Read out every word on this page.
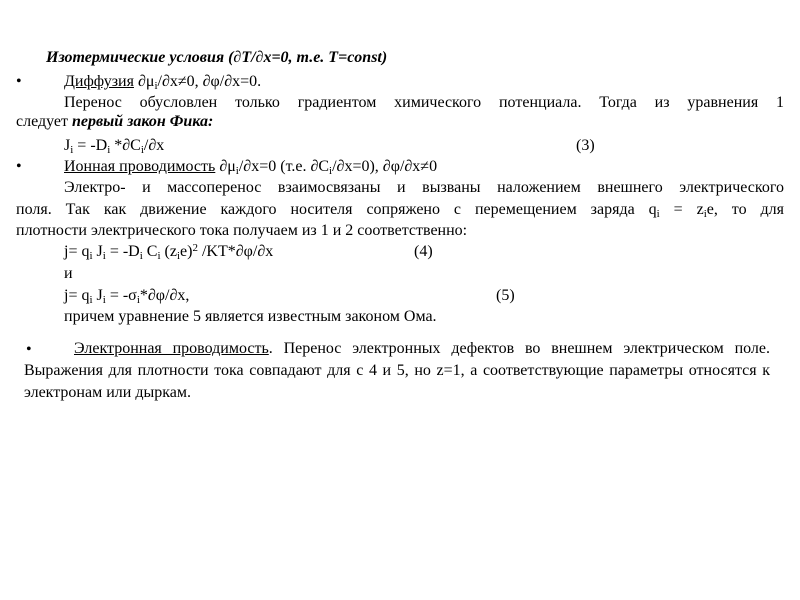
Изотермические условия (∂T/∂x=0, т.е. T=const)
•	Диффузия $\partial\mu_i/\partial x\ne 0$, ∂φ/∂x=0.
Перенос обусловлен только градиентом химического потенциала. Тогда из уравнения 1
следует первый закон Фика:
$J_i = -D_i$ $*\partial C_i/\partial x$	(3)
•	Ионная проводимость $\partial\mu_i/\partial x=0$ (т.е. $\partial C_i/\partial x=0$), ∂φ/∂x≠0
Электро- и массоперенос взаимосвязаны и вызваны наложением внешнего электрического
поля. Так как движение каждого носителя сопряжено с перемещением заряда $q_i = z_ie$, то для
плотности электрического тока получаем из 1 и 2 соответственно:
$j= q_i$ $J_i = -D_i$ $C_i$ $(z_ie)^2$ /KT*∂φ/∂x	(4)
и
$j= q_i$ $J_i = -\sigma_i*\partial\varphi/\partial x$,	(5)
причем уравнение 5 является известным законом Ома.
•	Электронная проводимость. Перенос электронных дефектов во внешнем электрическом поле. Выражения для плотности тока совпадают для с 4 и 5, но z=1, а соответствующие параметры относятся к электронам или дыркам.
